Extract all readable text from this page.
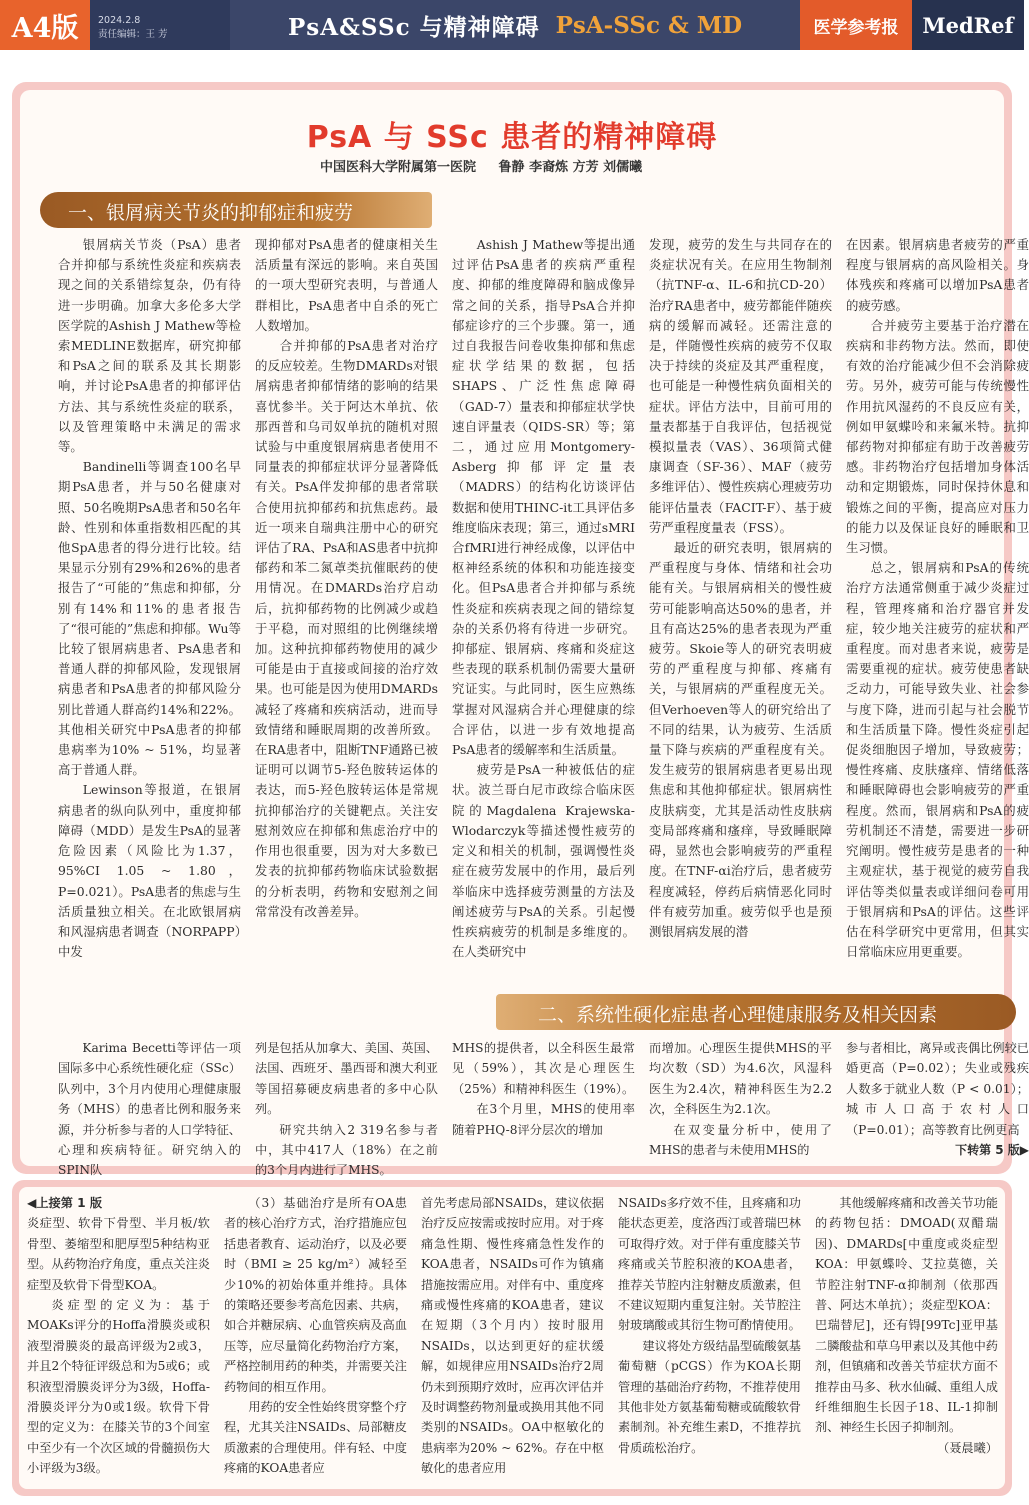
A4版	2024.2.8
责任编辑：王 芳	PsA&SSc 与精神障碍 PsA-SSc & MD	医学参考报	MedRef
PsA 与 SSc 患者的精神障碍
中国医科大学附属第一医院 鲁静 李裔炼 方芳 刘儒曦
一、银屑病关节炎的抑郁症和疲劳

银屑病关节炎（PsA）患者合并抑郁与系统性炎症和疾病表现之间的关系错综复杂，仍有待进一步明确。加拿大多伦多大学医学院的Ashish J Mathew等检索MEDLINE数据库，研究抑郁和PsA之间的联系及其长期影响，并讨论PsA患者的抑郁评估方法、其与系统性炎症的联系，以及管理策略中未满足的需求等。

Bandinelli等调查100名早期PsA患者，并与50名健康对照、50名晚期PsA患者和50名年龄、性别和体重指数相匹配的其他SpA患者的得分进行比较。结果显示分别有29%和26%的患者报告了“可能的”焦虑和抑郁，分别有14%和11%的患者报告了“很可能的”焦虑和抑郁。Wu等比较了银屑病患者、PsA患者和普通人群的抑郁风险，发现银屑病患者和PsA患者的抑郁风险分别比普通人群高约14%和22%。其他相关研究中PsA患者的抑郁患病率为10% ~ 51%，均显著高于普通人群。

Lewinson等报道，在银屑病患者的纵向队列中，重度抑郁障碍（MDD）是发生PsA的显著危险因素（风险比为1.37，95%CI 1.05 ~ 1.80，P=0.021）。PsA患者的焦虑与生活质量独立相关。在北欧银屑病和风湿病患者调查（NORPAPP）中发

现抑郁对PsA患者的健康相关生活质量有深远的影响。来自英国的一项大型研究表明，与普通人群相比，PsA患者中自杀的死亡人数增加。

合并抑郁的PsA患者对治疗的反应较差。生物DMARDs对银屑病患者抑郁情绪的影响的结果喜忧参半。关于阿达木单抗、依那西普和乌司奴单抗的随机对照试验与中重度银屑病患者使用不同量表的抑郁症状评分显著降低有关。PsA伴发抑郁的患者常联合使用抗抑郁药和抗焦虑药。最近一项来自瑞典注册中心的研究评估了RA、PsA和AS患者中抗抑郁药和苯二氮䓬类抗催眠药的使用情况。在DMARDs治疗启动后，抗抑郁药物的比例减少或趋于平稳，而对照组的比例继续增加。这种抗抑郁药物使用的减少可能是由于直接或间接的治疗效果。也可能是因为使用DMARDs减轻了疼痛和疾病活动，进而导致情绪和睡眠周期的改善所致。在RA患者中，阻断TNF通路已被证明可以调节5-羟色胺转运体的表达，而5-羟色胺转运体是常规抗抑郁治疗的关键靶点。关注安慰剂效应在抑郁和焦虑治疗中的作用也很重要，因为对大多数已发表的抗抑郁药物临床试验数据的分析表明，药物和安慰剂之间常常没有改善差异。

Ashish J Mathew等提出通过评估PsA患者的疾病严重程度、抑郁的维度障碍和脑成像异常之间的关系，指导PsA合并抑郁症诊疗的三个步骤。第一，通过自我报告问卷收集抑郁和焦虑症状学结果的数据，包括SHAPS、广泛性焦虑障碍（GAD-7）量表和抑郁症状学快速自评量表（QIDS-SR）等；第二，通过应用Montgomery-Asberg抑郁评定量表（MADRS）的结构化访谈评估数据和使用THINC-it工具评估多维度临床表现；第三，通过sMRI合fMRI进行神经成像，以评估中枢神经系统的体积和功能连接变化。但PsA患者合并抑郁与系统性炎症和疾病表现之间的错综复杂的关系仍将有待进一步研究。抑郁症、银屑病、疼痛和炎症这些表现的联系机制仍需要大量研究证实。与此同时，医生应熟练掌握对风湿病合并心理健康的综合评估，以进一步有效地提高PsA患者的缓解率和生活质量。

疲劳是PsA一种被低估的症状。波兰哥白尼市政综合临床医院的Magdalena Krajewska-Wlodarczyk等描述慢性疲劳的定义和相关的机制，强调慢性炎症在疲劳发展中的作用，最后列举临床中选择疲劳测量的方法及阐述疲劳与PsA的关系。引起慢性疾病疲劳的机制是多维度的。在人类研究中

发现，疲劳的发生与共同存在的炎症状况有关。在应用生物制剂（抗TNF-α、IL-6和抗CD-20）治疗RA患者中，疲劳都能伴随疾病的缓解而减轻。还需注意的是，伴随慢性疾病的疲劳不仅取决于持续的炎症及其严重程度，也可能是一种慢性病负面相关的症状。评估方法中，目前可用的量表都基于自我评估，包括视觉模拟量表（VAS）、36项简式健康调查（SF-36）、MAF（疲劳多维评估）、慢性疾病心理疲劳功能评估量表（FACIT-F）、基于疲劳严重程度量表（FSS）。

最近的研究表明，银屑病的严重程度与身体、情绪和社会功能有关。与银屑病相关的慢性疲劳可能影响高达50%的患者，并且有高达25%的患者表现为严重疲劳。Skoie等人的研究表明疲劳的严重程度与抑郁、疼痛有关，与银屑病的严重程度无关。但Verhoeven等人的研究给出了不同的结果，认为疲劳、生活质量下降与疾病的严重程度有关。发生疲劳的银屑病患者更易出现焦虑和其他抑郁症状。银屑病性皮肤病变，尤其是活动性皮肤病变局部疼痛和瘙痒，导致睡眠障碍，显然也会影响疲劳的严重程度。在TNF-αi治疗后，患者疲劳程度减轻，停药后病情恶化同时伴有疲劳加重。疲劳似乎也是预测银屑病发展的潜

在因素。银屑病患者疲劳的严重程度与银屑病的高风险相关。身体残疾和疼痛可以增加PsA患者的疲劳感。

合并疲劳主要基于治疗潜在疾病和非药物方法。然而，即使有效的治疗能减少但不会消除疲劳。另外，疲劳可能与传统慢性作用抗风湿药的不良反应有关，例如甲氨蝶呤和来氟米特。抗抑郁药物对抑郁症有助于改善疲劳感。非药物治疗包括增加身体活动和定期锻炼，同时保持休息和锻炼之间的平衡，提高应对压力的能力以及保证良好的睡眠和卫生习惯。

总之，银屑病和PsA的传统治疗方法通常侧重于减少炎症过程，管理疼痛和治疗器官并发症，较少地关注疲劳的症状和严重程度。而对患者来说，疲劳是需要重视的症状。疲劳使患者缺乏动力，可能导致失业、社会参与度下降，进而引起与社会脱节和生活质量下降。慢性炎症引起促炎细胞因子增加，导致疲劳；慢性疼痛、皮肤瘙痒、情绪低落和睡眠障碍也会影响疲劳的严重程度。然而，银屑病和PsA的疲劳机制还不清楚，需要进一步研究阐明。慢性疲劳是患者的一种主观症状，基于视觉的疲劳自我评估等类似量表或详细问卷可用于银屑病和PsA的评估。这些评估在科学研究中更常用，但其实日常临床应用更重要。

二、系统性硬化症患者心理健康服务及相关因素

Karima Becetti等评估一项国际多中心系统性硬化症（SSc）队列中，3个月内使用心理健康服务（MHS）的患者比例和服务来源，并分析参与者的人口学特征、心理和疾病特征。研究纳入的SPIN队

列是包括从加拿大、美国、英国、法国、西班牙、墨西哥和澳大利亚等国招募硬皮病患者的多中心队列。

研究共纳入2 319名参与者中，其中417人（18%）在之前的3个月内进行了MHS。

MHS的提供者，以全科医生最常见（59%），其次是心理医生（25%）和精神科医生（19%）。

在3个月里，MHS的使用率随着PHQ-8评分层次的增加

而增加。心理医生提供MHS的平均次数（SD）为4.6次，风湿科医生为2.4次，精神科医生为2.2次，全科医生为2.1次。

在双变量分析中，使用了MHS的患者与未使用MHS的

参与者相比，离异或丧偶比例较已婚更高（P=0.02）；失业或残疾人数多于就业人数（P < 0.01）；城市人口高于农村人口（P=0.01）；高等教育比例更高

下转第 5 版▶

◀上接第 1 版

炎症型、软骨下骨型、半月板/软骨型、萎缩型和肥厚型5种结构亚型。从药物治疗角度，重点关注炎症型及软骨下骨型KOA。

炎症型的定义为：基于MOAKs评分的Hoffa滑膜炎或积液型滑膜炎的最高评级为2或3，并且2个特征评级总和为5或6；或积液型滑膜炎评分为3级，Hoffa-滑膜炎评分为0或1级。软骨下骨型的定义为：在膝关节的3个间室中至少有一个次区域的骨髓损伤大小评级为3级。

（3）基础治疗是所有OA患者的核心治疗方式，治疗措施应包括患者教育、运动治疗，以及必要时（BMI ≥ 25 kg/m²）减轻至少10%的初始体重并维持。具体的策略还要参考高危因素、共病，如合并糖尿病、心血管疾病及高血压等，应尽量简化药物治疗方案，严格控制用药的种类，并需要关注药物间的相互作用。

用药的安全性始终贯穿整个疗程，尤其关注NSAIDs、局部糖皮质激素的合理使用。伴有轻、中度疼痛的KOA患者应

首先考虑局部NSAIDs，建议依据治疗反应按需或按时应用。对于疼痛急性期、慢性疼痛急性发作的KOA患者，NSAIDs可作为镇痛措施按需应用。对伴有中、重度疼痛或慢性疼痛的KOA患者，建议在短期（3个月内）按时服用NSAIDs，以达到更好的症状缓解，如规律应用NSAIDs治疗2周仍未到预期疗效时，应再次评估并及时调整药物剂量或换用其他不同类别的NSAIDs。OA中枢敏化的患病率为20% ~ 62%。存在中枢敏化的患者应用

NSAIDs多疗效不佳，且疼痛和功能状态更差，度洛西汀或普瑞巴林可取得疗效。对于伴有重度膝关节疼痛或关节腔积液的KOA患者，推荐关节腔内注射糖皮质激素，但不建议短期内重复注射。关节腔注射玻璃酸或其衍生物可酌情使用。

建议将处方级结晶型硫酸氨基葡萄糖（pCGS）作为KOA长期管理的基础治疗药物，不推荐使用其他非处方氨基葡萄糖或硫酸软骨素制剂。补充维生素D，不推荐抗骨质疏松治疗。

其他缓解疼痛和改善关节功能的药物包括：DMOAD(双醋瑞因)、DMARDs[中重度或炎症型KOA：甲氨蝶呤、艾拉莫德，关节腔注射TNF-α抑制剂（依那西普、阿达木单抗）；炎症型KOA：巴瑞替尼]，还有锝[99Tc]亚甲基二膦酸盐和草乌甲素以及其他中药剂，但镇痛和改善关节症状方面不推荐由马多、秋水仙碱、重组人成纤维细胞生长因子18、IL-1抑制剂、神经生长因子抑制剂。

（聂晨曦）
